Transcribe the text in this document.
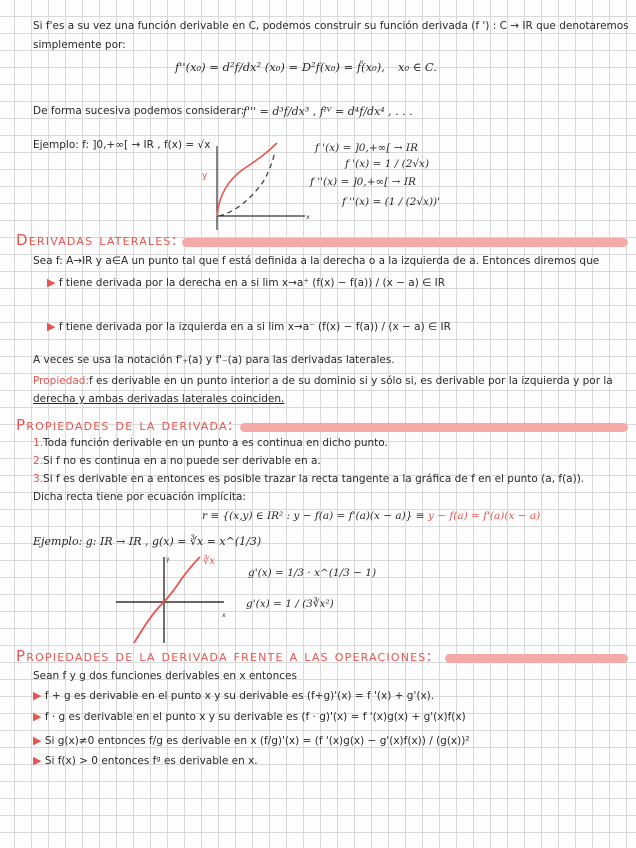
Si f'es a su vez una función derivable en C, podemos construir su función derivada (f ') : C → IR que denotaremos
simplemente por:
f''(x₀) = d²f/dx² (x₀) = D²f(x₀) = f̈(x₀), x₀ ∈ C.
De forma sucesiva podemos considerar:
f''' = d³f/dx³ , fᴵⱽ = d⁴f/dx⁴ , . . .
Ejemplo: f: ]0,+∞[ → IR , f(x) = √x
x
y
f '(x) = ]0,+∞[ → IR
f '(x) = 1 / (2√x)
f ''(x) = ]0,+∞[ → IR
f ''(x) = (1 / (2√x))'
Derivadas laterales:
Sea f: A→IR y a∈A un punto tal que f está definida a la derecha o a la izquierda de a. Entonces diremos que
▶ f tiene derivada por la derecha en a si lim x→a⁺ (f(x) − f(a)) / (x − a) ∈ IR
▶ f tiene derivada por la izquierda en a si lim x→a⁻ (f(x) − f(a)) / (x − a) ∈ IR
A veces se usa la notación f'₊(a) y f'₋(a) para las derivadas laterales.
Propiedad:f es derivable en un punto interior a de su dominio si y sólo si, es derivable por la izquierda y por la
derecha y ambas derivadas laterales coinciden.
Propiedades de la derivada:
1.Toda función derivable en un punto a es continua en dicho punto.
2.Si f no es continua en a no puede ser derivable en a.
3.Si f es derivable en a entonces es posible trazar la recta tangente a la gráfica de f en el punto (a, f(a)).
Dicha recta tiene por ecuación implícita:
r ≡ {(x,y) ∈ IR² : y − f(a) = f'(a)(x − a)} ≡ y − f(a) = f'(a)(x − a)
Ejemplo: g: IR → IR , g(x) = ∛x = x^(1/3)
x
y	∛x
g'(x) = 1/3 · x^(1/3 − 1)
g'(x) = 1 / (3∛x²)
Propiedades de la derivada frente a las operaciones:
Sean f y g dos funciones derivables en x entonces
▶ f + g es derivable en el punto x y su derivable es (f+g)'(x) = f '(x) + g'(x).
▶ f · g es derivable en el punto x y su derivable es (f · g)'(x) = f '(x)g(x) + g'(x)f(x)
▶ Si g(x)≠0 entonces f/g es derivable en x (f/g)'(x) = (f '(x)g(x) − g'(x)f(x)) / (g(x))²
▶ Si f(x) > 0 entonces fᵍ es derivable en x.
